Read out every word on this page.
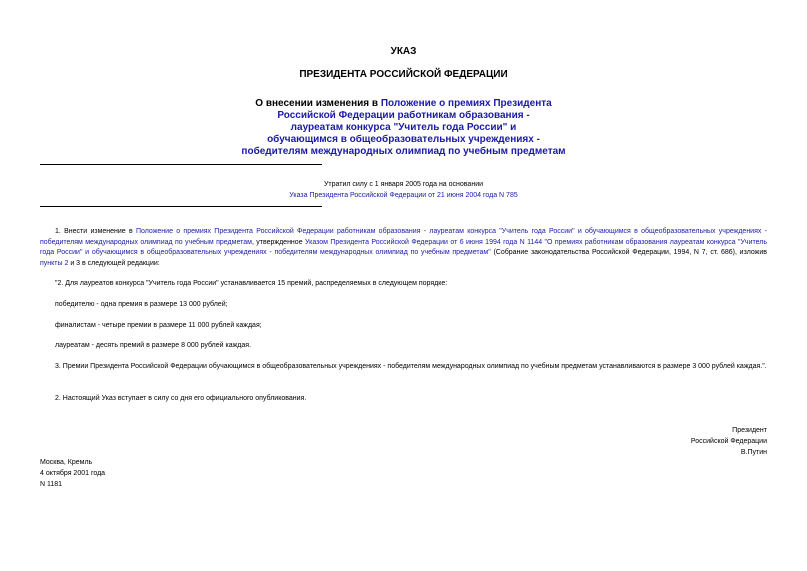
УКАЗ
ПРЕЗИДЕНТА РОССИЙСКОЙ ФЕДЕРАЦИИ
О внесении изменения в Положение о премиях Президента
Российской Федерации работникам образования -
лауреатам конкурса "Учитель года России" и
обучающимся в общеобразовательных учреждениях -
победителям международных олимпиад по учебным предметам
Утратил силу с 1 января 2005 года на основании
Указа Президента Российской Федерации от 21 июня 2004 года N 785
1. Внести изменение в Положение о премиях Президента Российской Федерации работникам образования - лауреатам конкурса "Учитель года России" и обучающимся в общеобразовательных учреждениях - победителям международных олимпиад по учебным предметам, утвержденное Указом Президента Российской Федерации от 6 июня 1994 года N 1144 "О премиях работникам образования лауреатам конкурса "Учитель года России" и обучающимся в общеобразовательных учреждениях - победителям международных олимпиад по учебным предметам" (Собрание законодательства Российской Федерации, 1994, N 7, ст. 686), изложив пункты 2 и 3 в следующей редакции:
"2. Для лауреатов конкурса "Учитель года России" устанавливается 15 премий, распределяемых в следующем порядке:
победителю - одна премия в размере 13 000 рублей;
финалистам - четыре премии в размере 11 000 рублей каждая;
лауреатам - десять премий в размере 8 000 рублей каждая.
3. Премии Президента Российской Федерации обучающимся в общеобразовательных учреждениях - победителям международных олимпиад по учебным предметам устанавливаются в размере 3 000 рублей каждая.".
2. Настоящий Указ вступает в силу со дня его официального опубликования.
Президент
Российской Федерации
В.Путин
Москва, Кремль
4 октября 2001 года
N 1181
